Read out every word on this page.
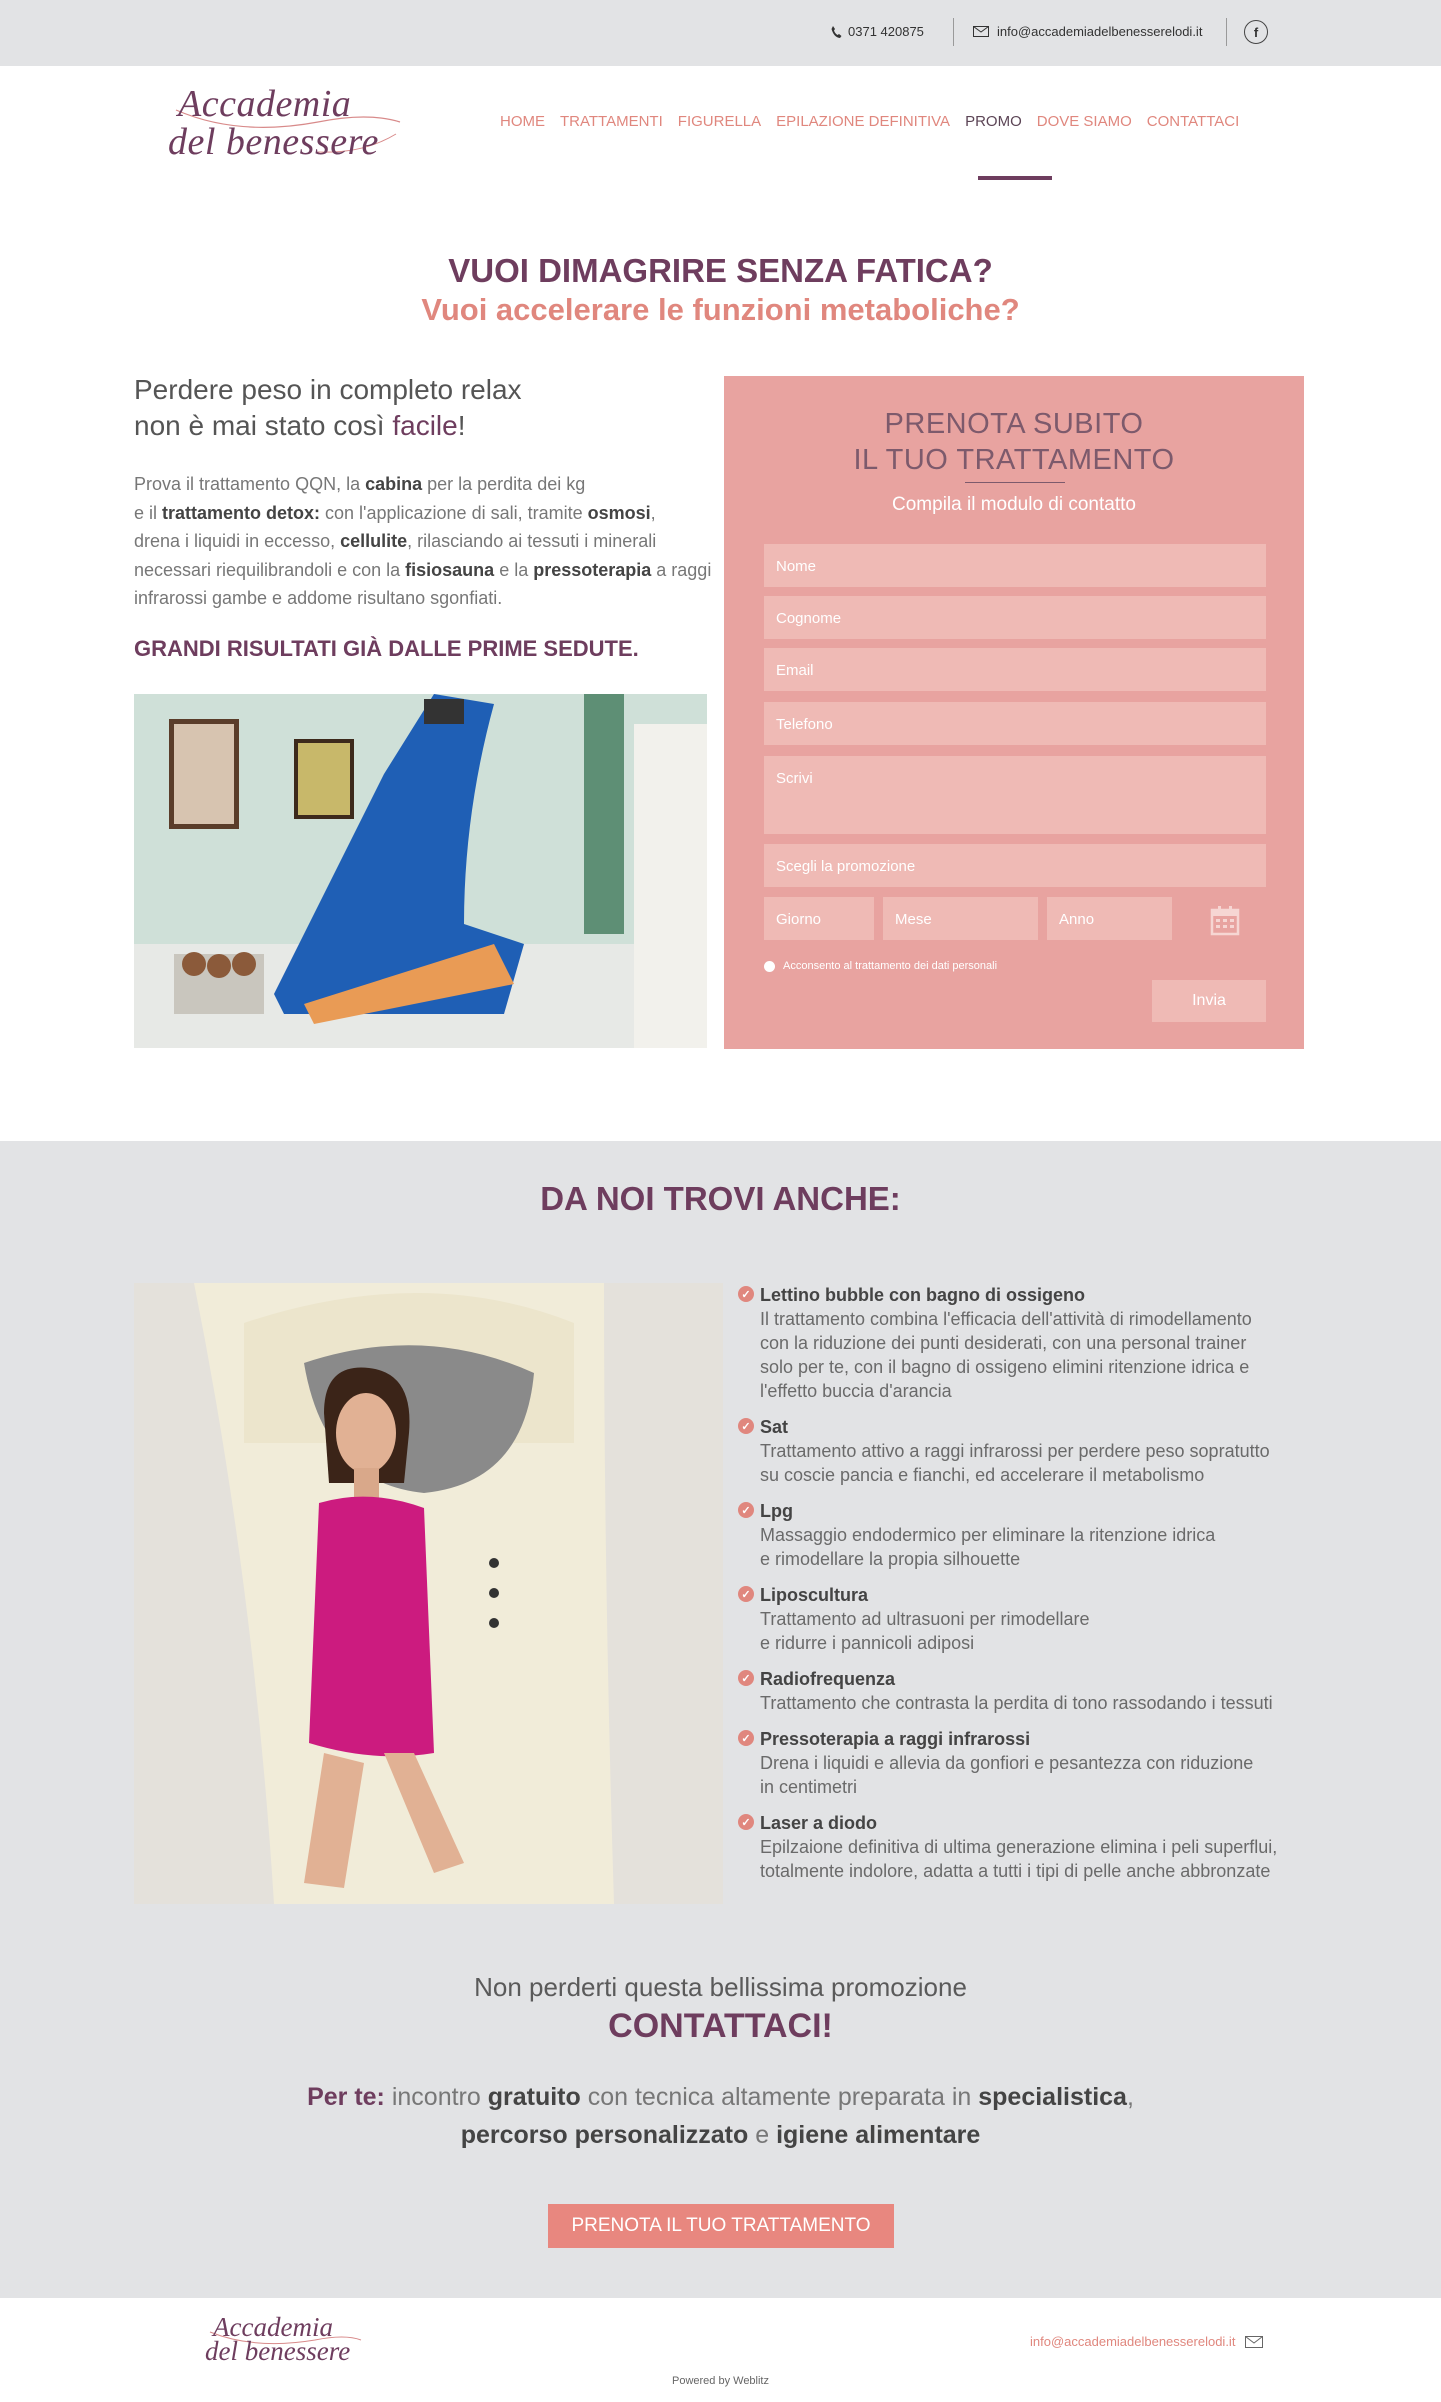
0371 420875	info@accademiadelbenesserelodi.it	f
Accademia
del benessere	HOME TRATTAMENTI FIGURELLA EPILAZIONE DEFINITIVA PROMO DOVE SIAMO CONTATTACI
VUOI DIMAGRIRE SENZA FATICA?
Vuoi accelerare le funzioni metaboliche?
Perdere peso in completo relax
non è mai stato così facile!
Prova il trattamento QQN, la cabina per la perdita dei kg
e il trattamento detox: con l'applicazione di sali, tramite osmosi,
drena i liquidi in eccesso, cellulite, rilasciando ai tessuti i minerali
necessari riequilibrandoli e con la fisiosauna e la pressoterapia a raggi
infrarossi gambe e addome risultano sgonfiati.
GRANDI RISULTATI GIÀ DALLE PRIME SEDUTE.
PRENOTA SUBITO
IL TUO TRATTAMENTO
Compila il modulo di contatto
Nome
Cognome
Email
Telefono
Scrivi
Scegli la promozione
Giorno	Mese	Anno
Acconsento al trattamento dei dati personali
Invia
DA NOI TROVI ANCHE:
✓ Lettino bubble con bagno di ossigeno
Il trattamento combina l'efficacia dell'attività di rimodellamento
con la riduzione dei punti desiderati, con una personal trainer
solo per te, con il bagno di ossigeno elimini ritenzione idrica e
l'effetto buccia d'arancia
✓ Sat
Trattamento attivo a raggi infrarossi per perdere peso sopratutto
su coscie pancia e fianchi, ed accelerare il metabolismo
✓ Lpg
Massaggio endodermico per eliminare la ritenzione idrica
e rimodellare la propia silhouette
✓ Liposcultura
Trattamento ad ultrasuoni per rimodellare
e ridurre i pannicoli adiposi
✓ Radiofrequenza
Trattamento che contrasta la perdita di tono rassodando i tessuti
✓ Pressoterapia a raggi infrarossi
Drena i liquidi e allevia da gonfiori e pesantezza con riduzione
in centimetri
✓ Laser a diodo
Epilzaione definitiva di ultima generazione elimina i peli superflui,
totalmente indolore, adatta a tutti i tipi di pelle anche abbronzate
Non perderti questa bellissima promozione
CONTATTACI!
Per te: incontro gratuito con tecnica altamente preparata in specialistica,
percorso personalizzato e igiene alimentare
PRENOTA IL TUO TRATTAMENTO
Accademia
del benessere	info@accademiadelbenesserelodi.it
Powered by Weblitz
